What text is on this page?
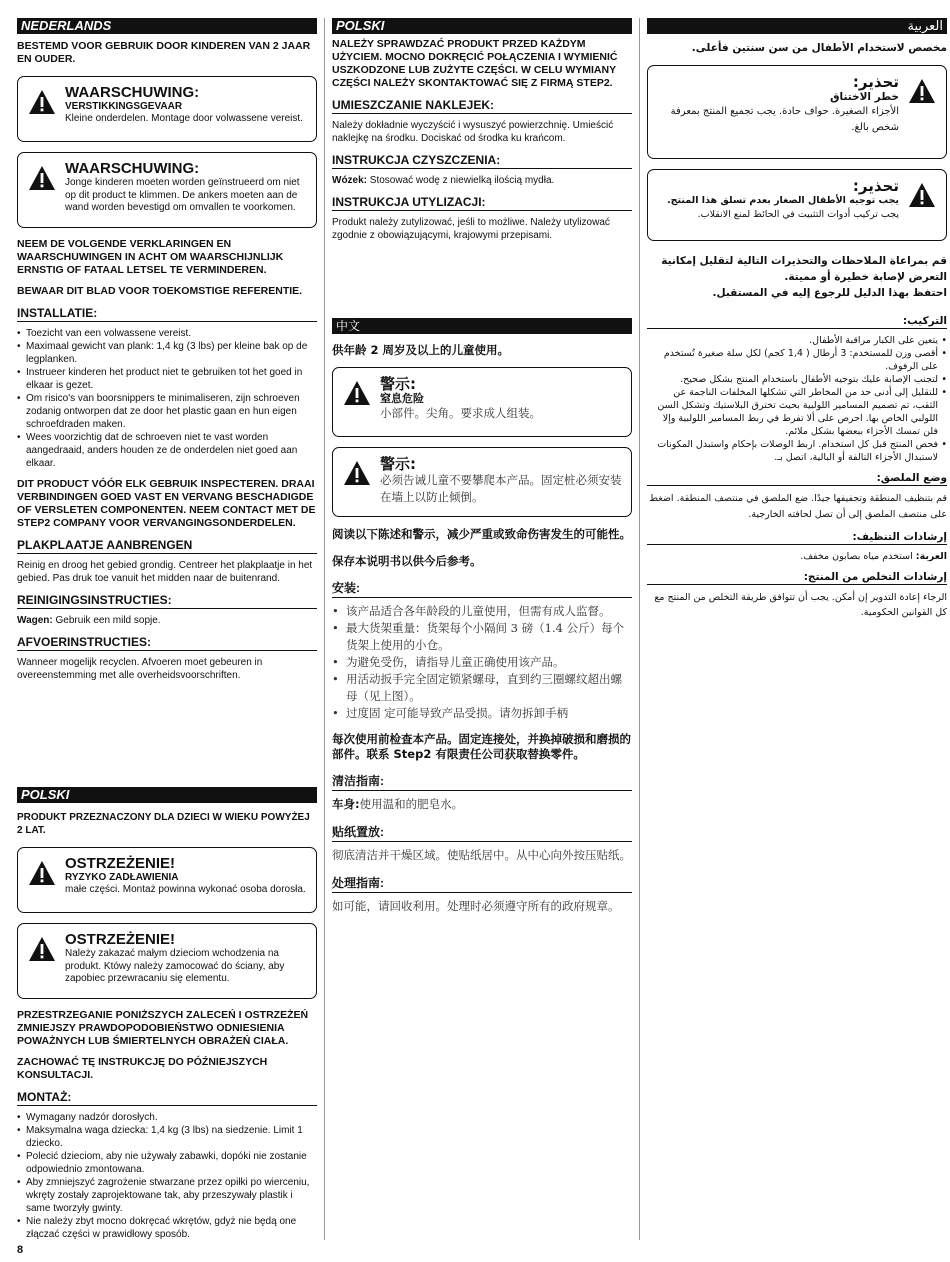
NEDERLANDS
BESTEMD VOOR GEBRUIK DOOR KINDEREN VAN 2 JAAR EN OUDER.
WAARSCHUWING:
VERSTIKKINGSGEVAAR
Kleine onderdelen. Montage door volwassene vereist.
WAARSCHUWING:
Jonge kinderen moeten worden geïnstrueerd om niet op dit product te klimmen. De ankers moeten aan de wand worden bevestigd om omvallen te voorkomen.
NEEM DE VOLGENDE VERKLARINGEN EN WAARSCHUWINGEN IN ACHT OM WAARSCHIJNLIJK ERNSTIG OF FATAAL LETSEL TE VERMINDEREN.
BEWAAR DIT BLAD VOOR TOEKOMSTIGE REFERENTIE.
INSTALLATIE:
• Toezicht van een volwassene vereist.
• Maximaal gewicht van plank: 1,4 kg (3 lbs) per kleine bak op de legplanken.
• Instrueer kinderen het product niet te gebruiken tot het goed in elkaar is gezet.
• Om risico's van boorsnippers te minimaliseren, zijn schroeven zodanig ontworpen dat ze door het plastic gaan en hun eigen schroefdraden maken.
• Wees voorzichtig dat de schroeven niet te vast worden aangedraaid, anders houden ze de onderdelen niet goed aan elkaar.
DIT PRODUCT VÓÓR ELK GEBRUIK INSPECTEREN. DRAAI VERBINDINGEN GOED VAST EN VERVANG BESCHADIGDE OF VERSLETEN COMPONENTEN. NEEM CONTACT MET DE STEP2 COMPANY VOOR VERVANGINGSONDERDELEN.
PLAKPLAATJE AANBRENGEN
Reinig en droog het gebied grondig. Centreer het plakplaatje in het gebied. Pas druk toe vanuit het midden naar de buitenrand.
REINIGINGSINSTRUCTIES:
Wagen: Gebruik een mild sopje.
AFVOERINSTRUCTIES:
Wanneer mogelijk recyclen. Afvoeren moet gebeuren in overeenstemming met alle overheidsvoorschriften.
POLSKI
PRODUKT PRZEZNACZONY DLA DZIECI W WIEKU POWYŻEJ 2 LAT.
OSTRZEŻENIE!
RYZYKO ZADŁAWIENIA
małe części. Montaż powinna wykonać osoba dorosła.
OSTRZEŻENIE!
Należy zakazać małym dzieciom wchodzenia na produkt. Któwy należy zamocować do ściany, aby zapobiec przewracaniu się elementu.
PRZESTRZEGANIE PONIŻSZYCH ZALECEŃ I OSTRZEŻEŃ ZMNIEJSZY PRAWDOPODOBIEŃSTWO ODNIESIENIA POWAŻNYCH LUB ŚMIERTELNYCH OBRAŻEŃ CIAŁA.
ZACHOWAĆ TĘ INSTRUKCJĘ DO PÓŹNIEJSZYCH KONSULTACJI.
MONTAŻ:
• Wymagany nadzór dorosłych.
• Maksymalna waga dziecka: 1,4 kg (3 lbs) na siedzenie. Limit 1 dziecko.
• Polecić dzieciom, aby nie używały zabawki, dopóki nie zostanie odpowiednio zmontowana.
• Aby zmniejszyć zagrożenie stwarzane przez opiłki po wierceniu, wkręty zostały zaprojektowane tak, aby przeszywały plastik i same tworzyły gwinty.
• Nie należy zbyt mocno dokręcać wkrętów, gdyż nie będą one złączać części w prawidłowy sposób.
POLSKI
NALEŻY SPRAWDZAĆ PRODUKT PRZED KAŻDYM UŻYCIEM. MOCNO DOKRĘCIĆ POŁĄCZENIA I WYMIENIĆ USZKODZONE LUB ZUŻYTE CZĘŚCI. W CELU WYMIANY CZĘŚCI NALEŻY SKONTAKTOWAĆ SIĘ Z FIRMĄ STEP2.
UMIESZCZANIE NAKLEJEK:
Należy dokładnie wyczyścić i wysuszyć powierzchnię. Umieścić naklejkę na środku. Dociskać od środka ku krańcom.
INSTRUKCJA CZYSZCZENIA:
Wózek: Stosować wodę z niewielką ilością mydła.
INSTRUKCJA UTYLIZACJI:
Produkt należy zutylizować, jeśli to możliwe. Należy utylizować zgodnie z obowiązującymi, krajowymi przepisami.
中文
供年龄 2 周岁及以上的儿童使用。
警示:
窒息危险
小部件。尖角。要求成人组装。
警示:
必须告诫儿童不要攀爬本产品。固定桩必须安装在墙上以防止倾倒。
阅读以下陈述和警示，减少严重或致命伤害发生的可能性。
保存本说明书以供今后参考。
安装:
• 该产品适合各年龄段的儿童使用，但需有成人监督。
• 最大货架重量：货架每个小隔间 3 磅（1.4 公斤）每个货架上使用的小仓。
• 为避免受伤，请指导儿童正确使用该产品。
• 用活动扳手完全固定锁紧螺母，直到约三圈螺纹超出螺母（见上图）。
• 过度固 定可能导致产品受损。请勿拆卸手柄
每次使用前检查本产品。固定连接处，并换掉破损和磨损的部件。联系 Step2 有限责任公司获取替换零件。
清洁指南:
车身:使用温和的肥皂水。
贴纸置放:
彻底清洁并干燥区域。使贴纸居中。从中心向外按压贴纸。
处理指南:
如可能，请回收利用。处理时必须遵守所有的政府规章。
العربية
مخصص لاستخدام الأطفال من سن سنتين فأعلى.
تحذير:
خطر الاختناق
الأجزاء الصغيرة. حواف حادة. يجب تجميع المنتج بمعرفة شخص بالغ.
تحذير:
يجب توجيه الأطفال الصغار بعدم تسلق هذا المنتج.
يجب تركيب أدوات التثبيت في الحائط لمنع الانقلاب.
قم بمراعاة الملاحظات والتحذيرات التالية لتقليل إمكانية التعرض لإصابة خطيرة أو مميتة.
احتفظ بهذا الدليل للرجوع إليه في المستقبل.
التركيب:
• يتعين على الكبار مراقبة الأطفال.
• أقصى وزن للمستخدم: 3 أرطال ( 1,4 كجم) لكل سلة صغيرة تُستخدم على الرفوف.
• لتجنب الإصابة عليك بتوجيه الأطفال باستخدام المنتج بشكل صحيح.
• للتقليل إلى أدنى حد من المخاطر التي تشكلها المخلفات الناجمة عن الثقب، تم تصميم المسامير اللولبية بحيث تخترق البلاستيك وتشكل السن اللولبي الخاص بها. احرص على ألا تفرط في ربط المسامير اللولبية وإلا فلن تمسك الأجزاء ببعضها بشكل ملائم.
• فحص المنتج قبل كل استخدام. اربط الوصلات بإحكام واستبدل المكونات لاستبدال الأجزاء التالفة أو البالية، اتصل بـ.
وضع الملصق:
قم بتنظيف المنطقة وتجفيفها جيدًا. ضع الملصق في منتصف المنطقة. اضغط على منتصف الملصق إلى أن تصل لحافته الخارجية.
إرشادات التنظيف:
العربة: استخدم مياه بصابون مخفف.
إرشادات التخلص من المنتج:
الرجاء إعادة التدوير إن أمكن. يجب أن تتوافق طريقة التخلص من المنتج مع كل القوانين الحكومية.
8
